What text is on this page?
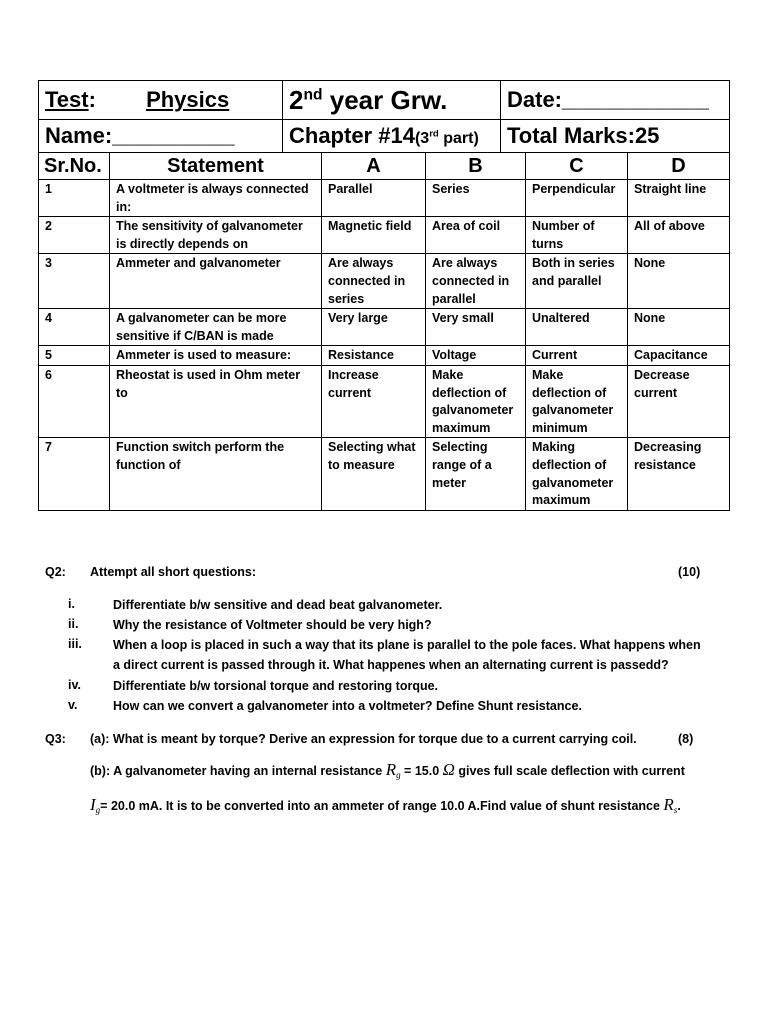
Test: Physics	2nd year Grw.	Date:____________
Name:__________	Chapter #14(3rd part)	Total Marks:25
Sr.No.	Statement	A	B	C	D
1	A voltmeter is always connected in:	Parallel	Series	Perpendicular	Straight line
2	The sensitivity of galvanometer is directly depends on	Magnetic field	Area of coil	Number of turns	All of above
3	Ammeter and galvanometer	Are always connected in series	Are always connected in parallel	Both in series and parallel	None
4	A galvanometer can be more sensitive if C/BAN is made	Very large	Very small	Unaltered	None
5	Ammeter is used to measure:	Resistance	Voltage	Current	Capacitance
6	Rheostat is used in Ohm meter to	Increase current	Make deflection of galvanometer maximum	Make deflection of galvanometer minimum	Decrease current
7	Function switch perform the function of	Selecting what to measure	Selecting range of a meter	Making deflection of galvanometer maximum	Decreasing resistance
Q2: Attempt all short questions:	(10)
i.	Differentiate b/w sensitive and dead beat galvanometer.
ii.	Why the resistance of Voltmeter should be very high?
iii. When a loop is placed in such a way that its plane is parallel to the pole faces. What happens when a direct current is passed through it. What happenes when an alternating current is passedd?
iv.	Differentiate b/w torsional torque and restoring torque.
v.	How can we convert a galvanometer into a voltmeter? Define Shunt resistance.
Q3: (a): What is meant by torque? Derive an expression for torque due to a current carrying coil.	(8)
(b): A galvanometer having an internal resistance $R_g = 15.0$ Ω gives full scale deflection with current
$I_g= 20.0$ mA. It is to be converted into an ammeter of range 10.0 A.Find value of shunt resistance $R_s$.
